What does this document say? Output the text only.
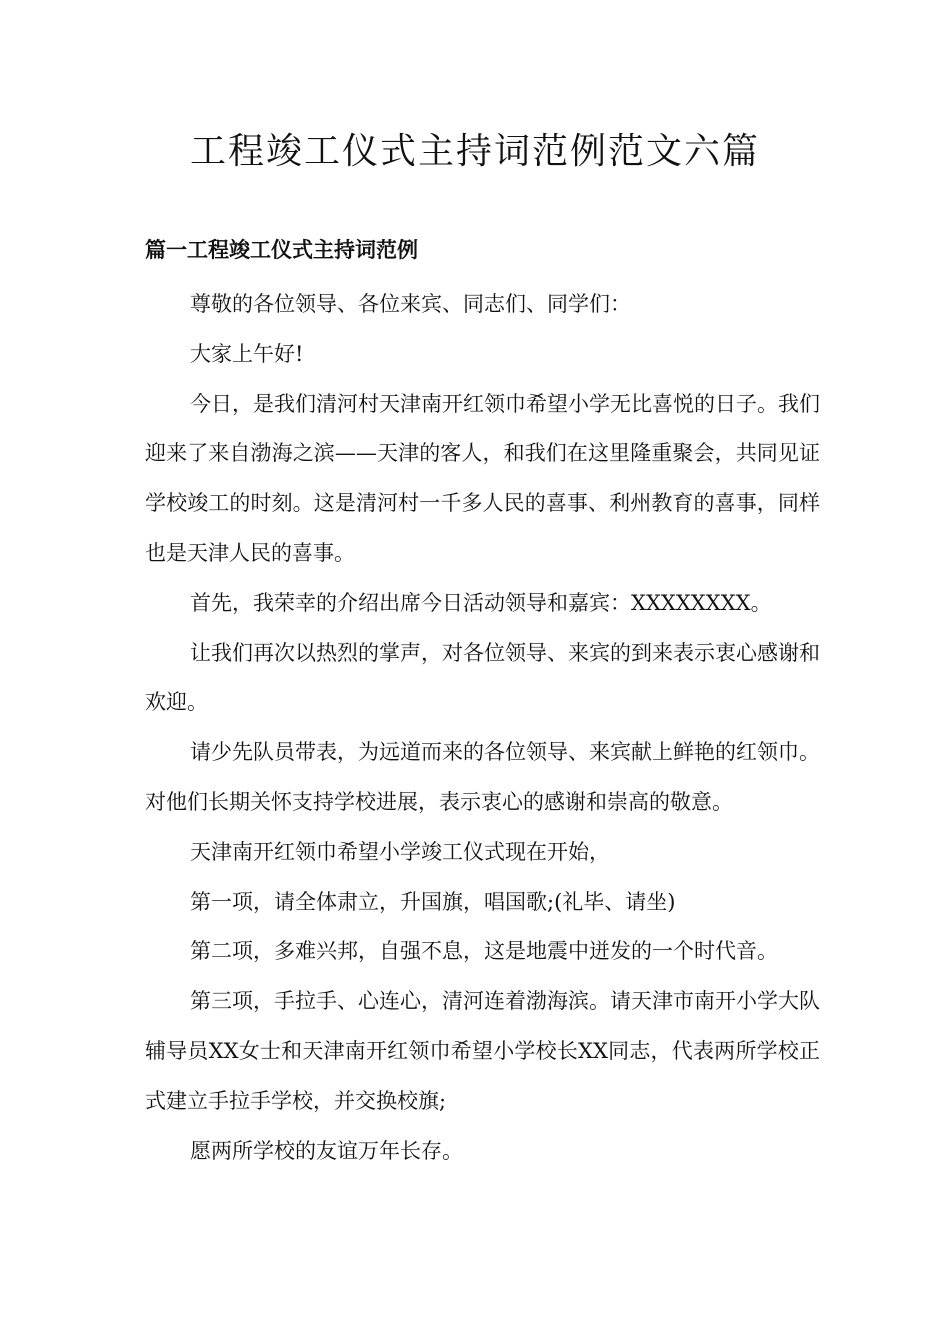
工程竣工仪式主持词范例范文六篇
篇一工程竣工仪式主持词范例

尊敬的各位领导、各位来宾、同志们、同学们：

大家上午好!

今日，是我们清河村天津南开红领巾希望小学无比喜悦的日子。我们迎来了来自渤海之滨——天津的客人，和我们在这里隆重聚会，共同见证学校竣工的时刻。这是清河村一千多人民的喜事、利州教育的喜事，同样也是天津人民的喜事。

首先，我荣幸的介绍出席今日活动领导和嘉宾：XXXXXXXX。

让我们再次以热烈的掌声，对各位领导、来宾的到来表示衷心感谢和欢迎。

请少先队员带表，为远道而来的各位领导、来宾献上鲜艳的红领巾。对他们长期关怀支持学校进展，表示衷心的感谢和崇高的敬意。

天津南开红领巾希望小学竣工仪式现在开始，

第一项，请全体肃立，升国旗，唱国歌;(礼毕、请坐)

第二项，多难兴邦，自强不息，这是地震中迸发的一个时代音。

第三项，手拉手、心连心，清河连着渤海滨。请天津市南开小学大队辅导员XX女士和天津南开红领巾希望小学校长XX同志，代表两所学校正式建立手拉手学校，并交换校旗;

愿两所学校的友谊万年长存。
